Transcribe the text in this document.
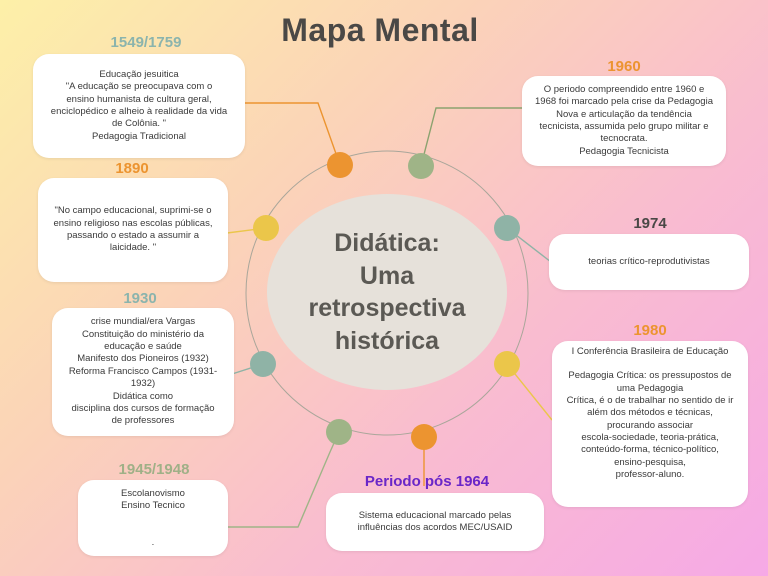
Mapa Mental
Didática:
Uma
retrospectiva
histórica
1549/1759
Educação jesuitica
"A educação se preocupava com o
ensino humanista de cultura geral,
enciclopédico e alheio à realidade da vida
de Colônia. "
Pedagogia Tradicional
1890
"No campo educacional, suprimi-se o
ensino religioso nas escolas públicas,
passando o estado a assumir a
laicidade. "
1930
crise mundial/era Vargas
Constituição do ministério da
educação e saúde
Manifesto dos Pioneiros (1932)
Reforma Francisco Campos (1931-
1932)
Didática como
disciplina dos cursos de formação
de professores
1945/1948
Escolanovismo
Ensino Tecnico
.
Periodo pós 1964
Sistema educacional marcado pelas
influências dos acordos MEC/USAID
1960
O periodo compreendido entre 1960 e
1968 foi marcado pela crise da Pedagogia
Nova e articulação da tendência
tecnicista, assumida pelo grupo militar e
tecnocrata.
Pedagogia Tecnicista
1974
teorias crítico-reprodutivistas
1980
I Conferência Brasileira de Educação
Pedagogia Crítica: os pressupostos de
uma Pedagogia
Crítica, é o de trabalhar no sentido de ir
além dos métodos e técnicas,
procurando associar
escola-sociedade, teoria-prática,
conteúdo-forma, técnico-político,
ensino-pesquisa,
professor-aluno.
